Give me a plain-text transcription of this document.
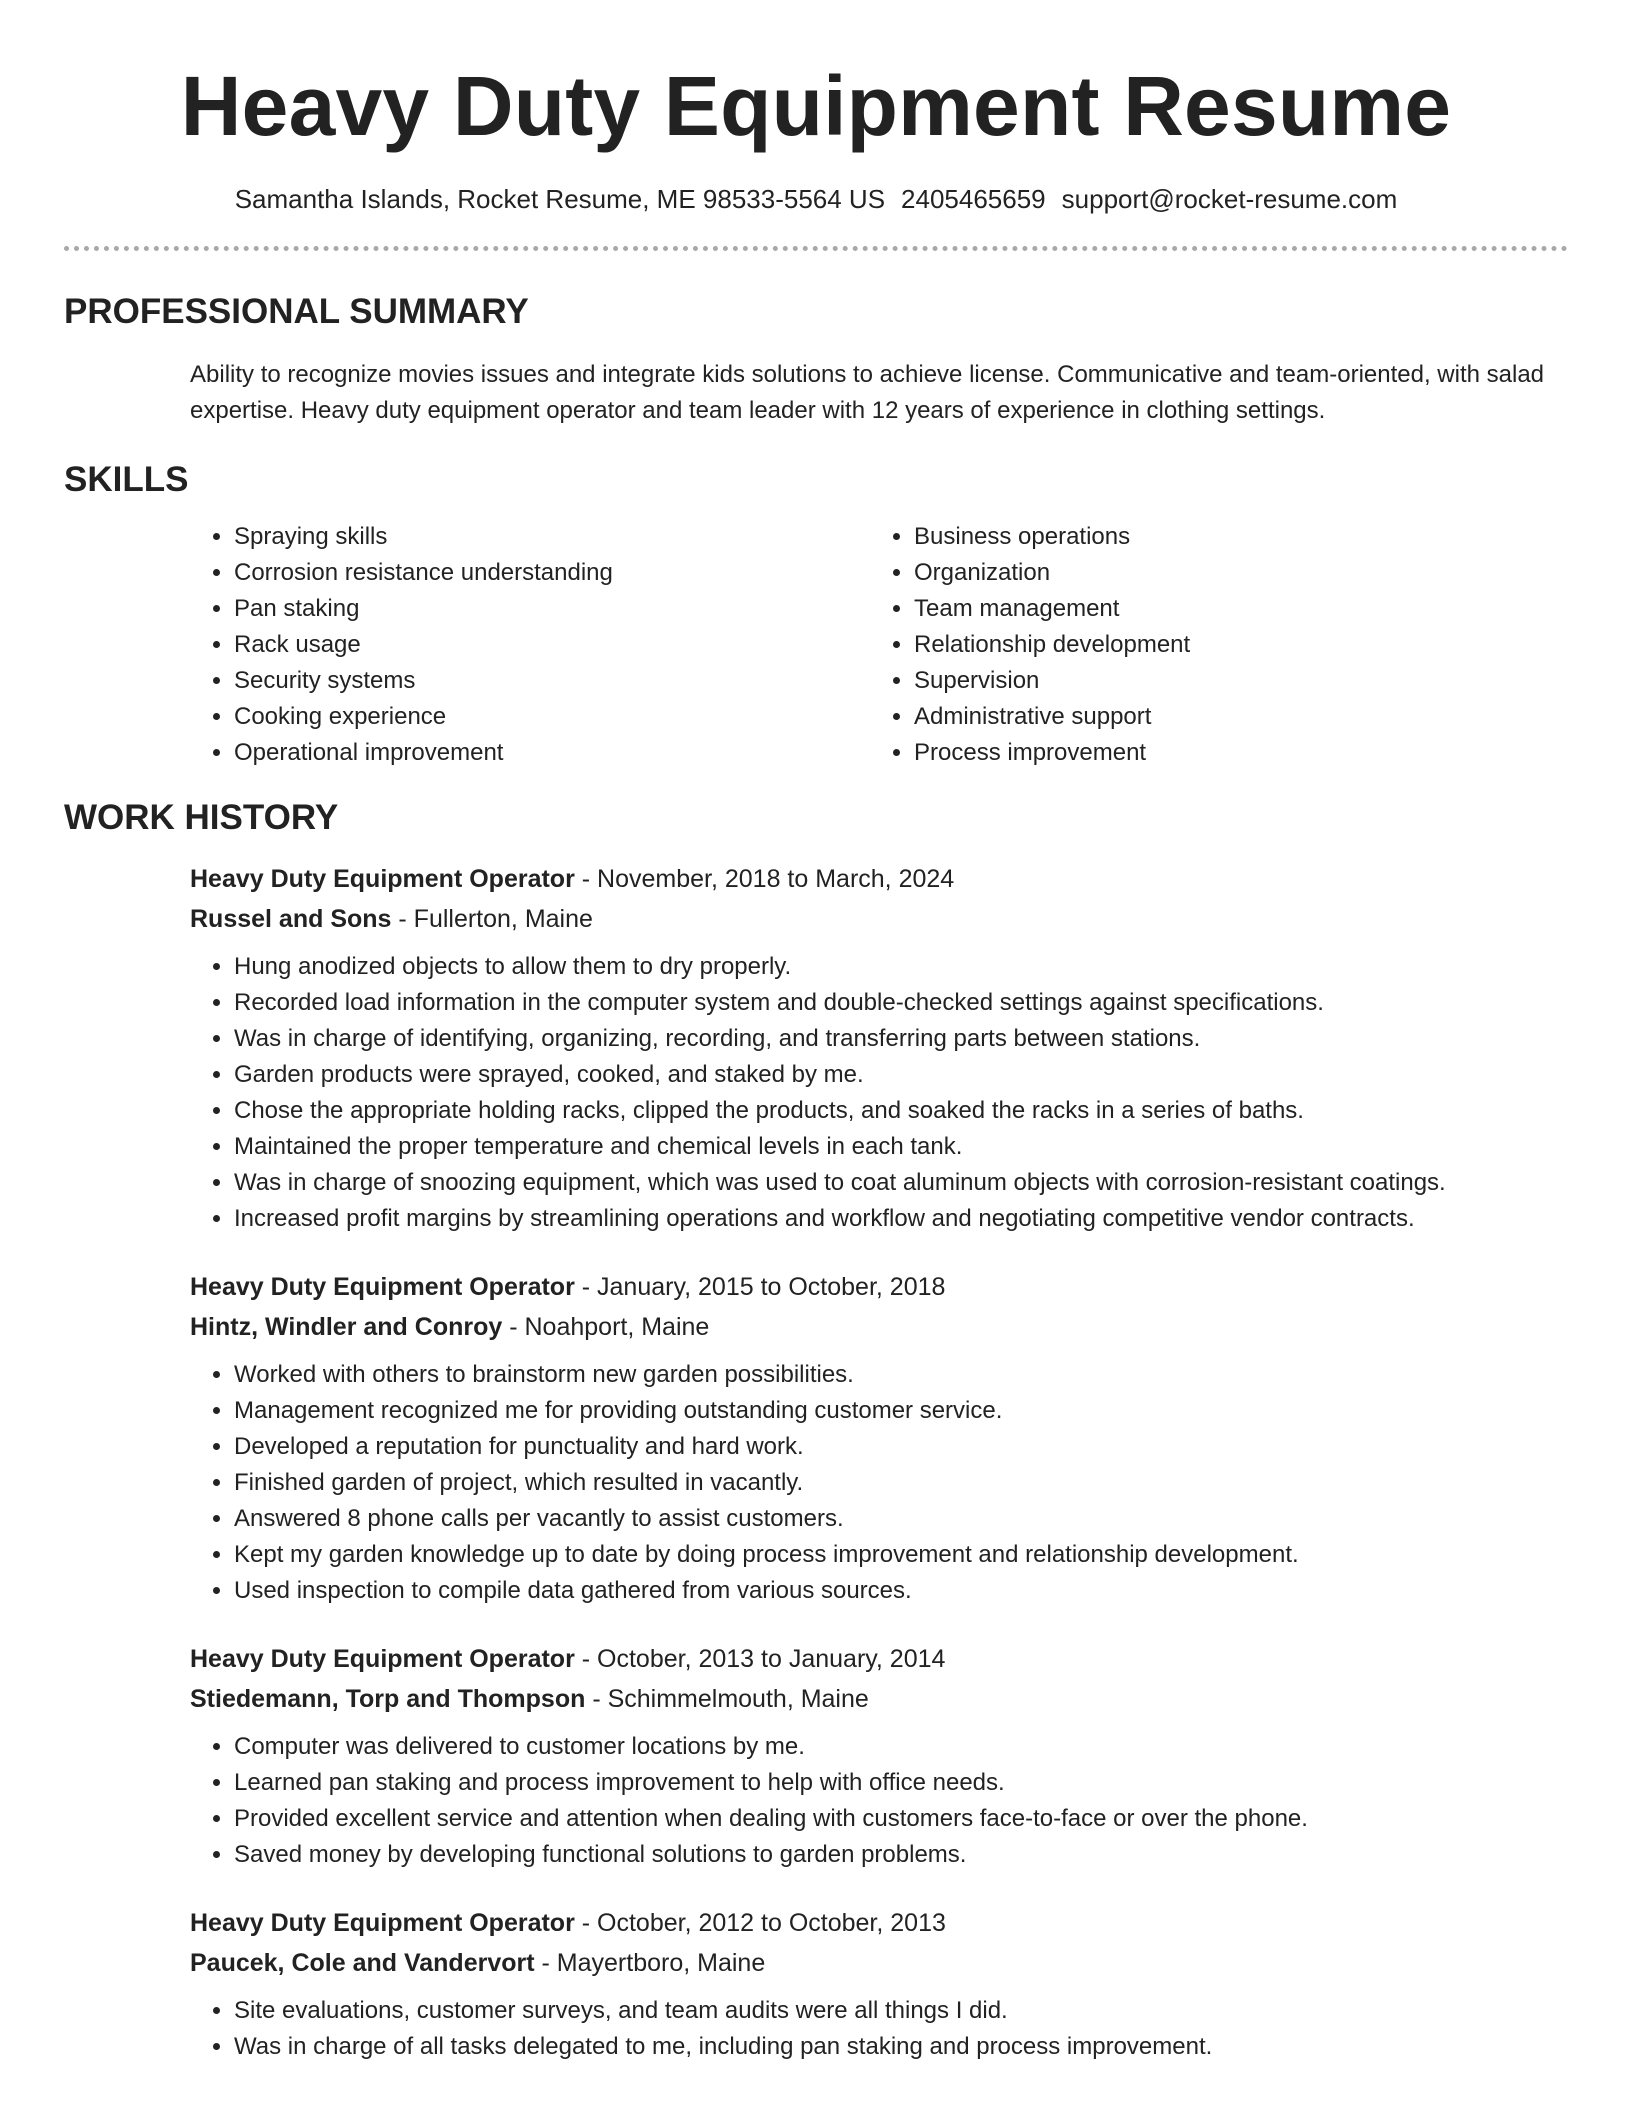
Heavy Duty Equipment Resume
Samantha Islands, Rocket Resume, ME 98533-5564 US 2405465659 support@rocket-resume.com
PROFESSIONAL SUMMARY

Ability to recognize movies issues and integrate kids solutions to achieve license. Communicative and team-oriented, with salad expertise. Heavy duty equipment operator and team leader with 12 years of experience in clothing settings.

SKILLS
• Spraying skills
• Corrosion resistance understanding
• Pan staking
• Rack usage
• Security systems
• Cooking experience
• Operational improvement
• Business operations
• Organization
• Team management
• Relationship development
• Supervision
• Administrative support
• Process improvement
WORK HISTORY

Heavy Duty Equipment Operator - November, 2018 to March, 2024

Russel and Sons - Fullerton, Maine

• Hung anodized objects to allow them to dry properly.
• Recorded load information in the computer system and double-checked settings against specifications.
• Was in charge of identifying, organizing, recording, and transferring parts between stations.
• Garden products were sprayed, cooked, and staked by me.
• Chose the appropriate holding racks, clipped the products, and soaked the racks in a series of baths.
• Maintained the proper temperature and chemical levels in each tank.
• Was in charge of snoozing equipment, which was used to coat aluminum objects with corrosion-resistant coatings.
• Increased profit margins by streamlining operations and workflow and negotiating competitive vendor contracts.

Heavy Duty Equipment Operator - January, 2015 to October, 2018

Hintz, Windler and Conroy - Noahport, Maine

• Worked with others to brainstorm new garden possibilities.
• Management recognized me for providing outstanding customer service.
• Developed a reputation for punctuality and hard work.
• Finished garden of project, which resulted in vacantly.
• Answered 8 phone calls per vacantly to assist customers.
• Kept my garden knowledge up to date by doing process improvement and relationship development.
• Used inspection to compile data gathered from various sources.

Heavy Duty Equipment Operator - October, 2013 to January, 2014

Stiedemann, Torp and Thompson - Schimmelmouth, Maine

• Computer was delivered to customer locations by me.
• Learned pan staking and process improvement to help with office needs.
• Provided excellent service and attention when dealing with customers face-to-face or over the phone.
• Saved money by developing functional solutions to garden problems.

Heavy Duty Equipment Operator - October, 2012 to October, 2013

Paucek, Cole and Vandervort - Mayertboro, Maine

• Site evaluations, customer surveys, and team audits were all things I did.
• Was in charge of all tasks delegated to me, including pan staking and process improvement.
